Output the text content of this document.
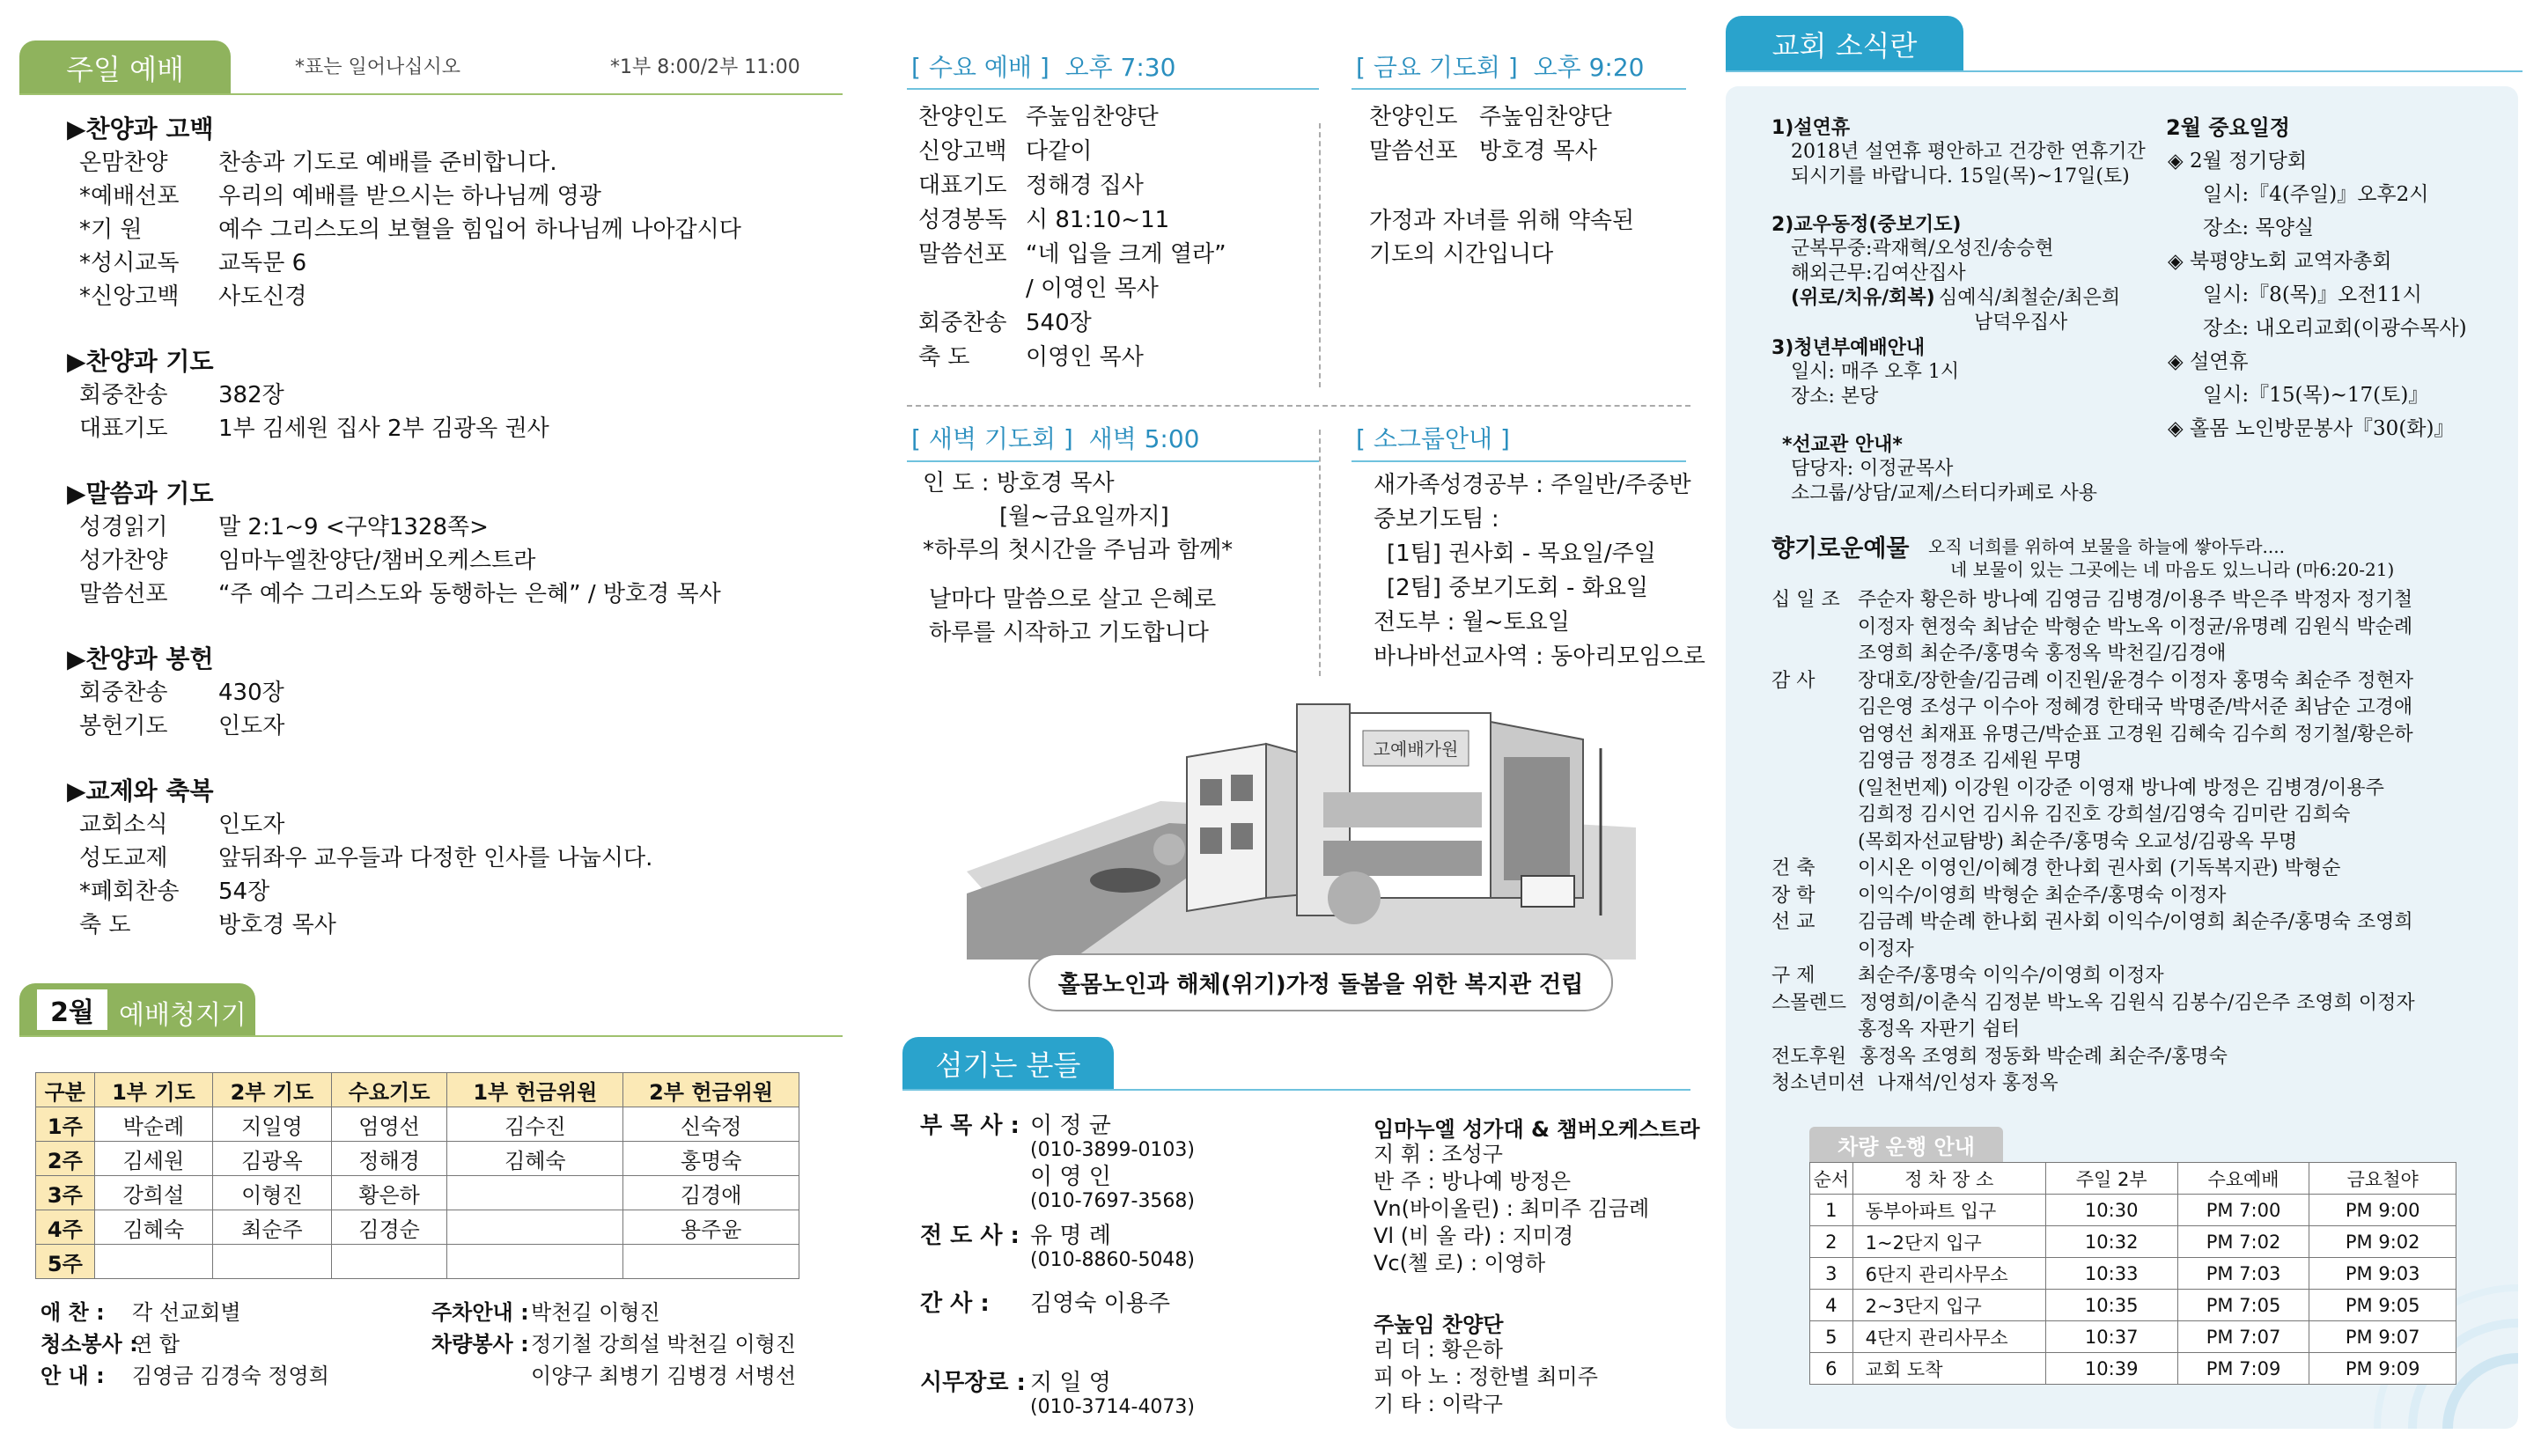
주일 예배	*표는 일어나십시오	*1부 8:00/2부 11:00
▶찬양과 고백
온맘찬양 찬송과 기도로 예배를 준비합니다.
*예배선포 우리의 예배를 받으시는 하나님께 영광
*기 원	예수 그리스도의 보혈을 힘입어 하나님께 나아갑시다
*성시교독 교독문 6
*신앙고백 사도신경
▶찬양과 기도
회중찬송 382장
대표기도 1부 김세원 집사 2부 김광옥 권사
▶말씀과 기도
성경읽기 말 2:1~9 <구약1328쪽>
성가찬양 임마누엘찬양단/챔버오케스트라
말씀선포 “주 예수 그리스도와 동행하는 은혜” / 방호경 목사
▶찬양과 봉헌
회중찬송 430장
봉헌기도 인도자
▶교제와 축복
교회소식 인도자
성도교제 앞뒤좌우 교우들과 다정한 인사를 나눕시다.
*폐회찬송 54장
축 도	방호경 목사
2월 예배청지기
구분	1부 기도	2부 기도	수요기도	1부 헌금위원	2부 헌금위원
1주	박순례	지일영	엄영선	김수진	신숙정
2주	김세원	김광옥	정해경	김혜숙	홍명숙
3주	강희설	이형진	황은하		김경애
4주	김혜숙	최순주	김경순		용주윤
5주					
애 찬 : 각 선교회별
청소봉사 :
연 합
안 내 : 김영금 김경숙 정영희
주차안내 : 박천길 이형진
차량봉사 : 정기철 강희설 박천길 이형진
이양구 최병기 김병경 서병선
[ 수요 예배 ] 오후 7:30
찬양인도 주높임찬양단
신앙고백 다같이
대표기도 정해경 집사
성경봉독 시 81:10~11
말씀선포 “네 입을 크게 열라”
/ 이영인 목사
회중찬송 540장
축 도 이영인 목사
[ 금요 기도회 ] 오후 9:20
찬양인도 주높임찬양단
말씀선포 방호경 목사
가정과 자녀를 위해 약속된
기도의 시간입니다
[ 새벽 기도회 ] 새벽 5:00
인 도 : 방호경 목사
[월~금요일까지]
*하루의 첫시간을 주님과 함께*
날마다 말씀으로 살고 은혜로
하루를 시작하고 기도합니다
[ 소그룹안내 ]
새가족성경공부 : 주일반/주중반
중보기도팀 :
[1팀] 권사회 - 목요일/주일
[2팀] 중보기도회 - 화요일
전도부 : 월~토요일
바나바선교사역 : 동아리모임으로
고예배가원
홀몸노인과 해체(위기)가정 돌봄을 위한 복지관 건립
섬기는 분들
부 목 사 : 이 정 균
(010-3899-0103)
이 영 인
(010-7697-3568)
전 도 사 : 유 명 례
(010-8860-5048)
간 사 : 김영숙 이용주
시무장로 : 지 일 영
(010-3714-4073)
임마누엘 성가대 & 챔버오케스트라
지 휘 : 조성구
반 주 : 방나예 방정은
Vn(바이올린) : 최미주 김금례
Vl (비 올 라) : 지미경
Vc(첼 로) : 이영하
주높임 찬양단
리 더 : 황은하
피 아 노 : 정한별 최미주
기 타 : 이락구
교회 소식란
1)설연휴
2018년 설연휴 평안하고 건강한 연휴기간
되시기를 바랍니다. 15일(목)~17일(토)
2)교우동정(중보기도)
군복무중:곽재혁/오성진/송승현
해외근무:김여산집사
(위로/치유/회복) 심예식/최철순/최은희
남덕우집사
3)청년부예배안내
일시: 매주 오후 1시
장소: 본당
*선교관 안내*
담당자: 이정균목사
소그룹/상담/교제/스터디카페로 사용
2월 중요일정
◈ 2월 정기당회
일시:『4(주일)』오후2시
장소: 목양실
◈ 북평양노회 교역자총회
일시:『8(목)』오전11시
장소: 내오리교회(이광수목사)
◈ 설연휴
일시:『15(목)~17(토)』
◈ 홀몸 노인방문봉사『30(화)』
향기로운예물 오직 너희를 위하여 보물을 하늘에 쌓아두라....
네 보물이 있는 그곳에는 네 마음도 있느니라 (마6:20-21)
십 일 조 주순자 황은하 방나예 김영금 김병경/이용주 박은주 박정자 정기철
이정자 현정숙 최남순 박형순 박노옥 이정균/유명례 김원식 박순례
조영희 최순주/홍명숙 홍정옥 박천길/김경애
감 사 장대호/장한솔/김금례 이진원/윤경수 이정자 홍명숙 최순주 정현자
김은영 조성구 이수아 정혜경 한태국 박명준/박서준 최남순 고경애
엄영선 최재표 유명근/박순표 고경원 김혜숙 김수희 정기철/황은하
김영금 정경조 김세원 무명
(일천번제) 이강원 이강준 이영재 방나예 방정은 김병경/이용주
김희정 김시언 김시유 김진호 강희설/김영숙 김미란 김희숙
(목회자선교탐방) 최순주/홍명숙 오교성/김광옥 무명
건 축 이시온 이영인/이혜경 한나회 권사회 (기독복지관) 박형순
장 학 이익수/이영희 박형순 최순주/홍명숙 이정자
선 교 김금례 박순례 한나회 권사회 이익수/이영희 최순주/홍명숙 조영희
이정자
구 제 최순주/홍명숙 이익수/이영희 이정자
스몰렌드 정영희/이춘식 김정분 박노옥 김원식 김봉수/김은주 조영희 이정자
홍정옥 자판기 쉼터
전도후원 홍정옥 조영희 정동화 박순례 최순주/홍명숙
청소년미션 나재석/인성자 홍정옥
차량 운행 안내
순서	정 차 장 소	주일 2부	수요예배	금요철야
1	동부아파트 입구	10:30	PM 7:00	PM 9:00
2	1~2단지 입구	10:32	PM 7:02	PM 9:02
3	6단지 관리사무소	10:33	PM 7:03	PM 9:03
4	2~3단지 입구	10:35	PM 7:05	PM 9:05
5	4단지 관리사무소	10:37	PM 7:07	PM 9:07
6	교회 도착	10:39	PM 7:09	PM 9:09
